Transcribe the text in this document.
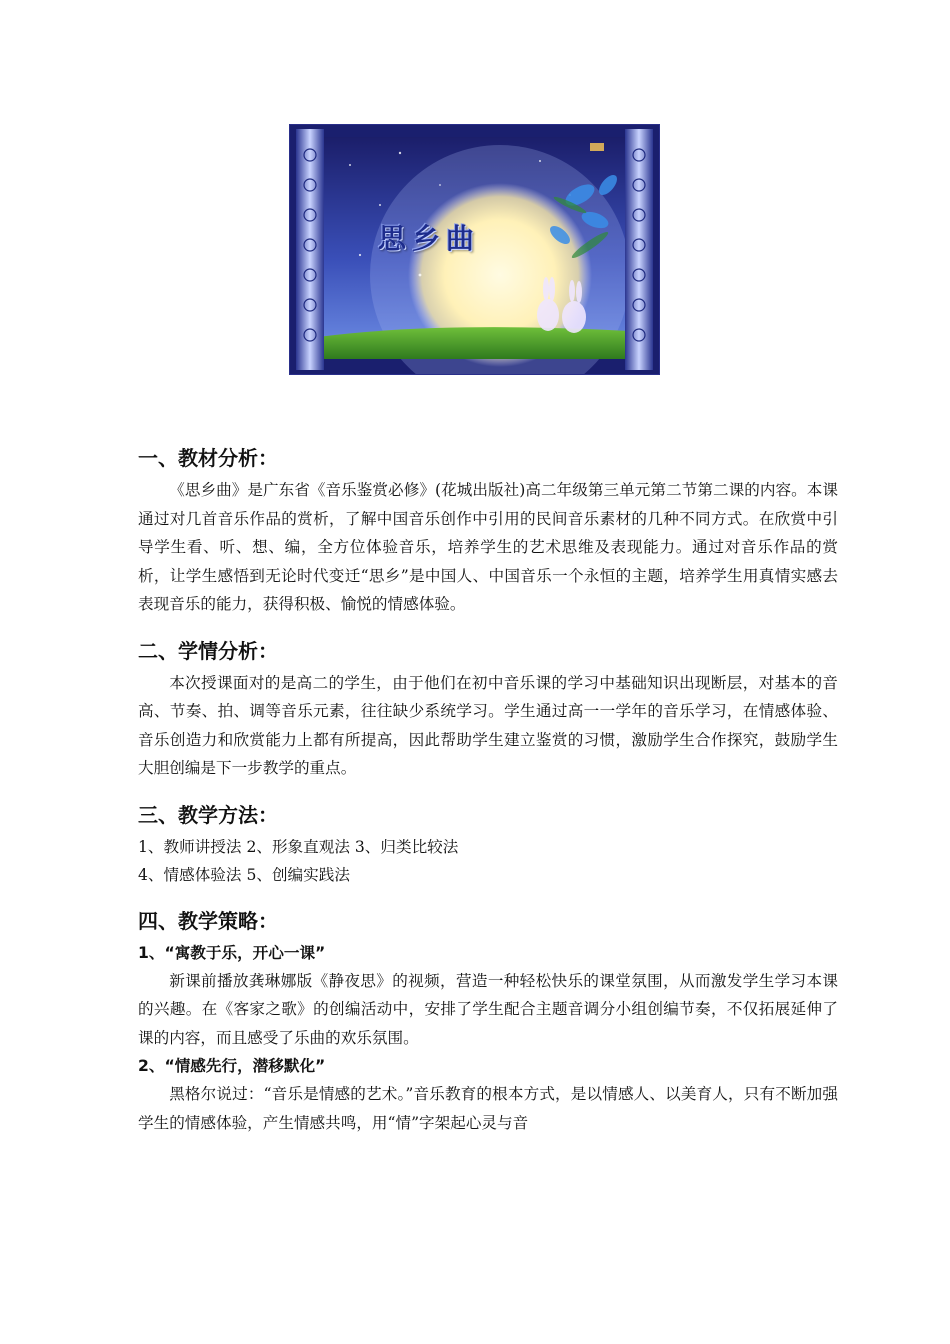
思乡曲
一、教材分析：

《思乡曲》是广东省《音乐鉴赏必修》(花城出版社)高二年级第三单元第二节第二课的内容。本课通过对几首音乐作品的赏析，了解中国音乐创作中引用的民间音乐素材的几种不同方式。在欣赏中引导学生看、听、想、编，全方位体验音乐，培养学生的艺术思维及表现能力。通过对音乐作品的赏析，让学生感悟到无论时代变迁“思乡”是中国人、中国音乐一个永恒的主题，培养学生用真情实感去表现音乐的能力，获得积极、愉悦的情感体验。

二、学情分析：

本次授课面对的是高二的学生，由于他们在初中音乐课的学习中基础知识出现断层，对基本的音高、节奏、拍、调等音乐元素，往往缺少系统学习。学生通过高一一学年的音乐学习，在情感体验、音乐创造力和欣赏能力上都有所提高，因此帮助学生建立鉴赏的习惯，激励学生合作探究，鼓励学生大胆创编是下一步教学的重点。

三、教学方法：

1、教师讲授法 2、形象直观法 3、归类比较法

4、情感体验法 5、创编实践法

四、教学策略：
1、“寓教于乐，开心一课”

新课前播放龚琳娜版《静夜思》的视频，营造一种轻松快乐的课堂氛围，从而激发学生学习本课的兴趣。在《客家之歌》的创编活动中，安排了学生配合主题音调分小组创编节奏，不仅拓展延伸了课的内容，而且感受了乐曲的欢乐氛围。

2、“情感先行，潜移默化”

黑格尔说过：“音乐是情感的艺术。”音乐教育的根本方式，是以情感人、以美育人，只有不断加强学生的情感体验，产生情感共鸣，用“情”字架起心灵与音
